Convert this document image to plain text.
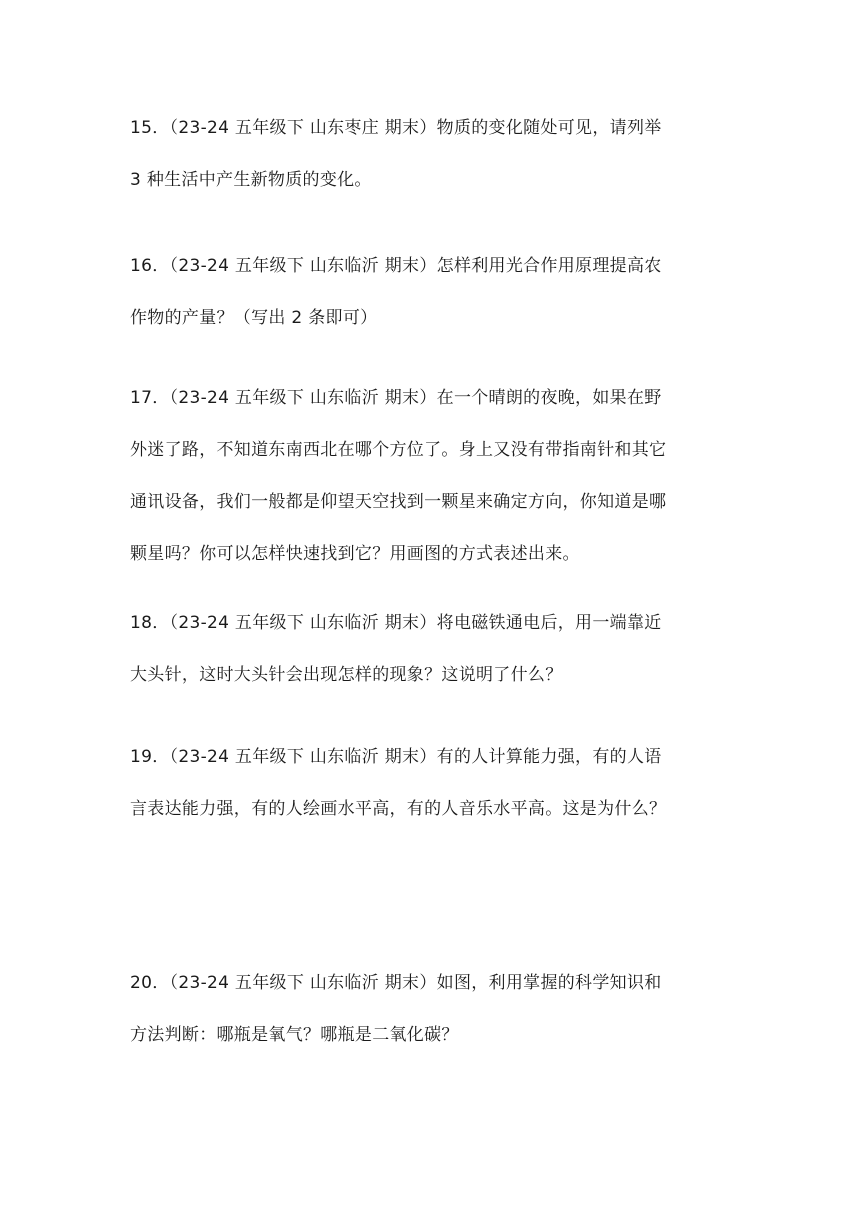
15．（23-24 五年级下 山东枣庄 期末）物质的变化随处可见，请列举
3 种生活中产生新物质的变化。

16．（23-24 五年级下 山东临沂 期末）怎样利用光合作用原理提高农
作物的产量？（写出 2 条即可）

17．（23-24 五年级下 山东临沂 期末）在一个晴朗的夜晚，如果在野
外迷了路，不知道东南西北在哪个方位了。身上又没有带指南针和其它
通讯设备，我们一般都是仰望天空找到一颗星来确定方向，你知道是哪
颗星吗？你可以怎样快速找到它？用画图的方式表述出来。

18．（23-24 五年级下 山东临沂 期末）将电磁铁通电后，用一端靠近
大头针，这时大头针会出现怎样的现象？这说明了什么？

19．（23-24 五年级下 山东临沂 期末）有的人计算能力强，有的人语
言表达能力强，有的人绘画水平高，有的人音乐水平高。这是为什么？

20．（23-24 五年级下 山东临沂 期末）如图，利用掌握的科学知识和
方法判断：哪瓶是氧气？哪瓶是二氧化碳？
